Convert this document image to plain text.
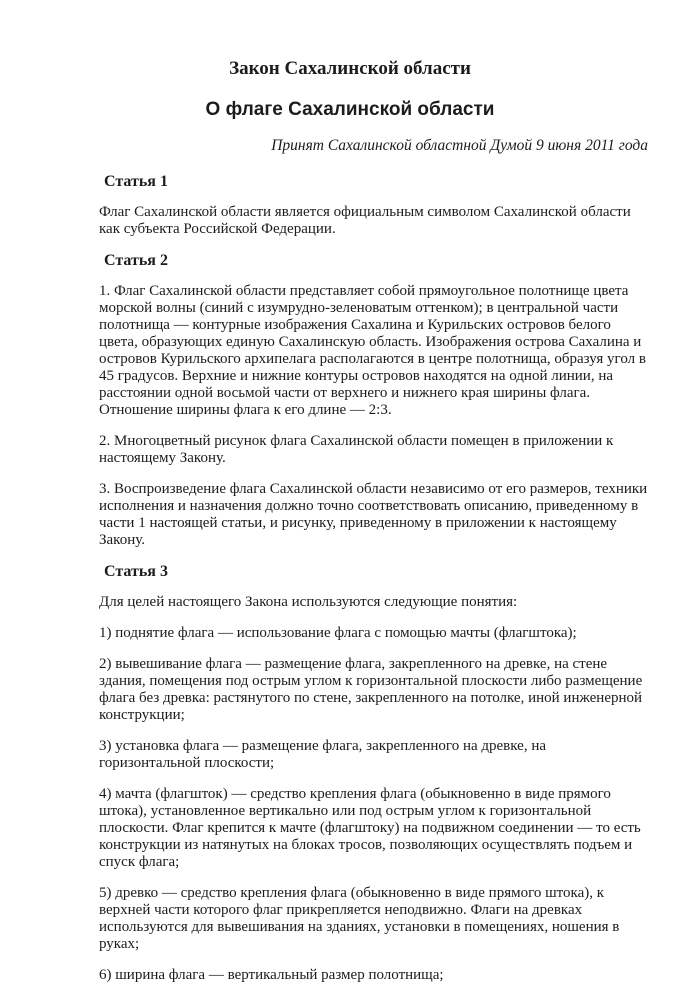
Закон Сахалинской области
О флаге Сахалинской области

Принят Сахалинской областной Думой 9 июня 2011 года

Статья 1

Флаг Сахалинской области является официальным символом Сахалинской области как субъекта Российской Федерации.

Статья 2

1. Флаг Сахалинской области представляет собой прямоугольное полотнище цвета морской волны (синий с изумрудно-зеленоватым оттенком); в центральной части полотнища — контурные изображения Сахалина и Курильских островов белого цвета, образующих единую Сахалинскую область. Изображения острова Сахалина и островов Курильского архипелага располагаются в центре полотнища, образуя угол в 45 градусов. Верхние и нижние контуры островов находятся на одной линии, на расстоянии одной восьмой части от верхнего и нижнего края ширины флага. Отношение ширины флага к его длине — 2:3.

2. Многоцветный рисунок флага Сахалинской области помещен в приложении к настоящему Закону.

3. Воспроизведение флага Сахалинской области независимо от его размеров, техники исполнения и назначения должно точно соответствовать описанию, приведенному в части 1 настоящей статьи, и рисунку, приведенному в приложении к настоящему Закону.

Статья 3

Для целей настоящего Закона используются следующие понятия:

1) поднятие флага — использование флага с помощью мачты (флагштока);

2) вывешивание флага — размещение флага, закрепленного на древке, на стене здания, помещения под острым углом к горизонтальной плоскости либо размещение флага без древка: растянутого по стене, закрепленного на потолке, иной инженерной конструкции;

3) установка флага — размещение флага, закрепленного на древке, на горизонтальной плоскости;

4) мачта (флагшток) — средство крепления флага (обыкновенно в виде прямого штока), установленное вертикально или под острым углом к горизонтальной плоскости. Флаг крепится к мачте (флагштоку) на подвижном соединении — то есть конструкции из натянутых на блоках тросов, позволяющих осуществлять подъем и спуск флага;

5) древко — средство крепления флага (обыкновенно в виде прямого штока), к верхней части которого флаг прикрепляется неподвижно. Флаги на древках используются для вывешивания на зданиях, установки в помещениях, ношения в руках;

6) ширина флага — вертикальный размер полотнища;
